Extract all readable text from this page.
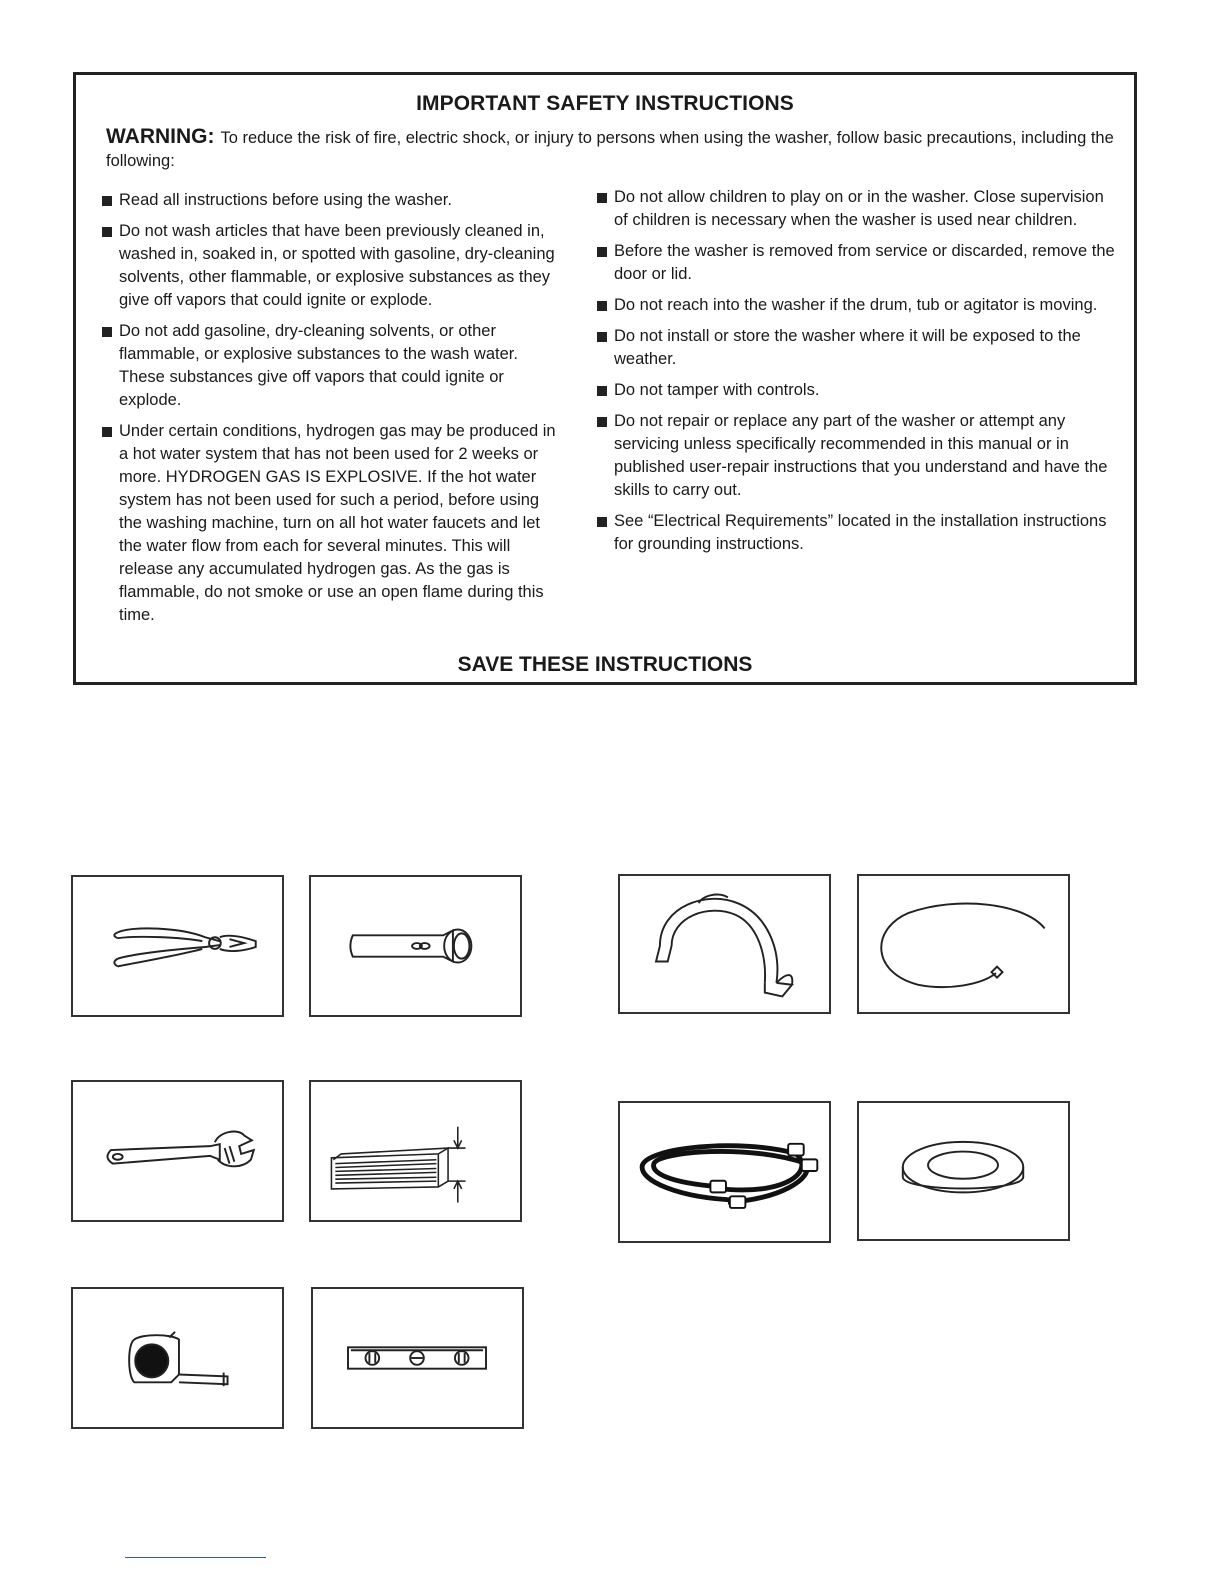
IMPORTANT SAFETY INSTRUCTIONS
WARNING: To reduce the risk of fire, electric shock, or injury to persons when using the washer, follow basic precautions, including the following:
Read all instructions before using the washer.
Do not wash articles that have been previously cleaned in, washed in, soaked in, or spotted with gasoline, dry-cleaning solvents, other flammable, or explosive substances as they give off vapors that could ignite or explode.
Do not add gasoline, dry-cleaning solvents, or other flammable, or explosive substances to the wash water. These substances give off vapors that could ignite or explode.
Under certain conditions, hydrogen gas may be produced in a hot water system that has not been used for 2 weeks or more. HYDROGEN GAS IS EXPLOSIVE. If the hot water system has not been used for such a period, before using the washing machine, turn on all hot water faucets and let the water flow from each for several minutes. This will release any accumulated hydrogen gas. As the gas is flammable, do not smoke or use an open flame during this time.
Do not allow children to play on or in the washer. Close supervision of children is necessary when the washer is used near children.
Before the washer is removed from service or discarded, remove the door or lid.
Do not reach into the washer if the drum, tub or agitator is moving.
Do not install or store the washer where it will be exposed to the weather.
Do not tamper with controls.
Do not repair or replace any part of the washer or attempt any servicing unless specifically recommended in this manual or in published user-repair instructions that you understand and have the skills to carry out.
See “Electrical Requirements” located in the installation instructions for grounding instructions.
SAVE THESE INSTRUCTIONS
